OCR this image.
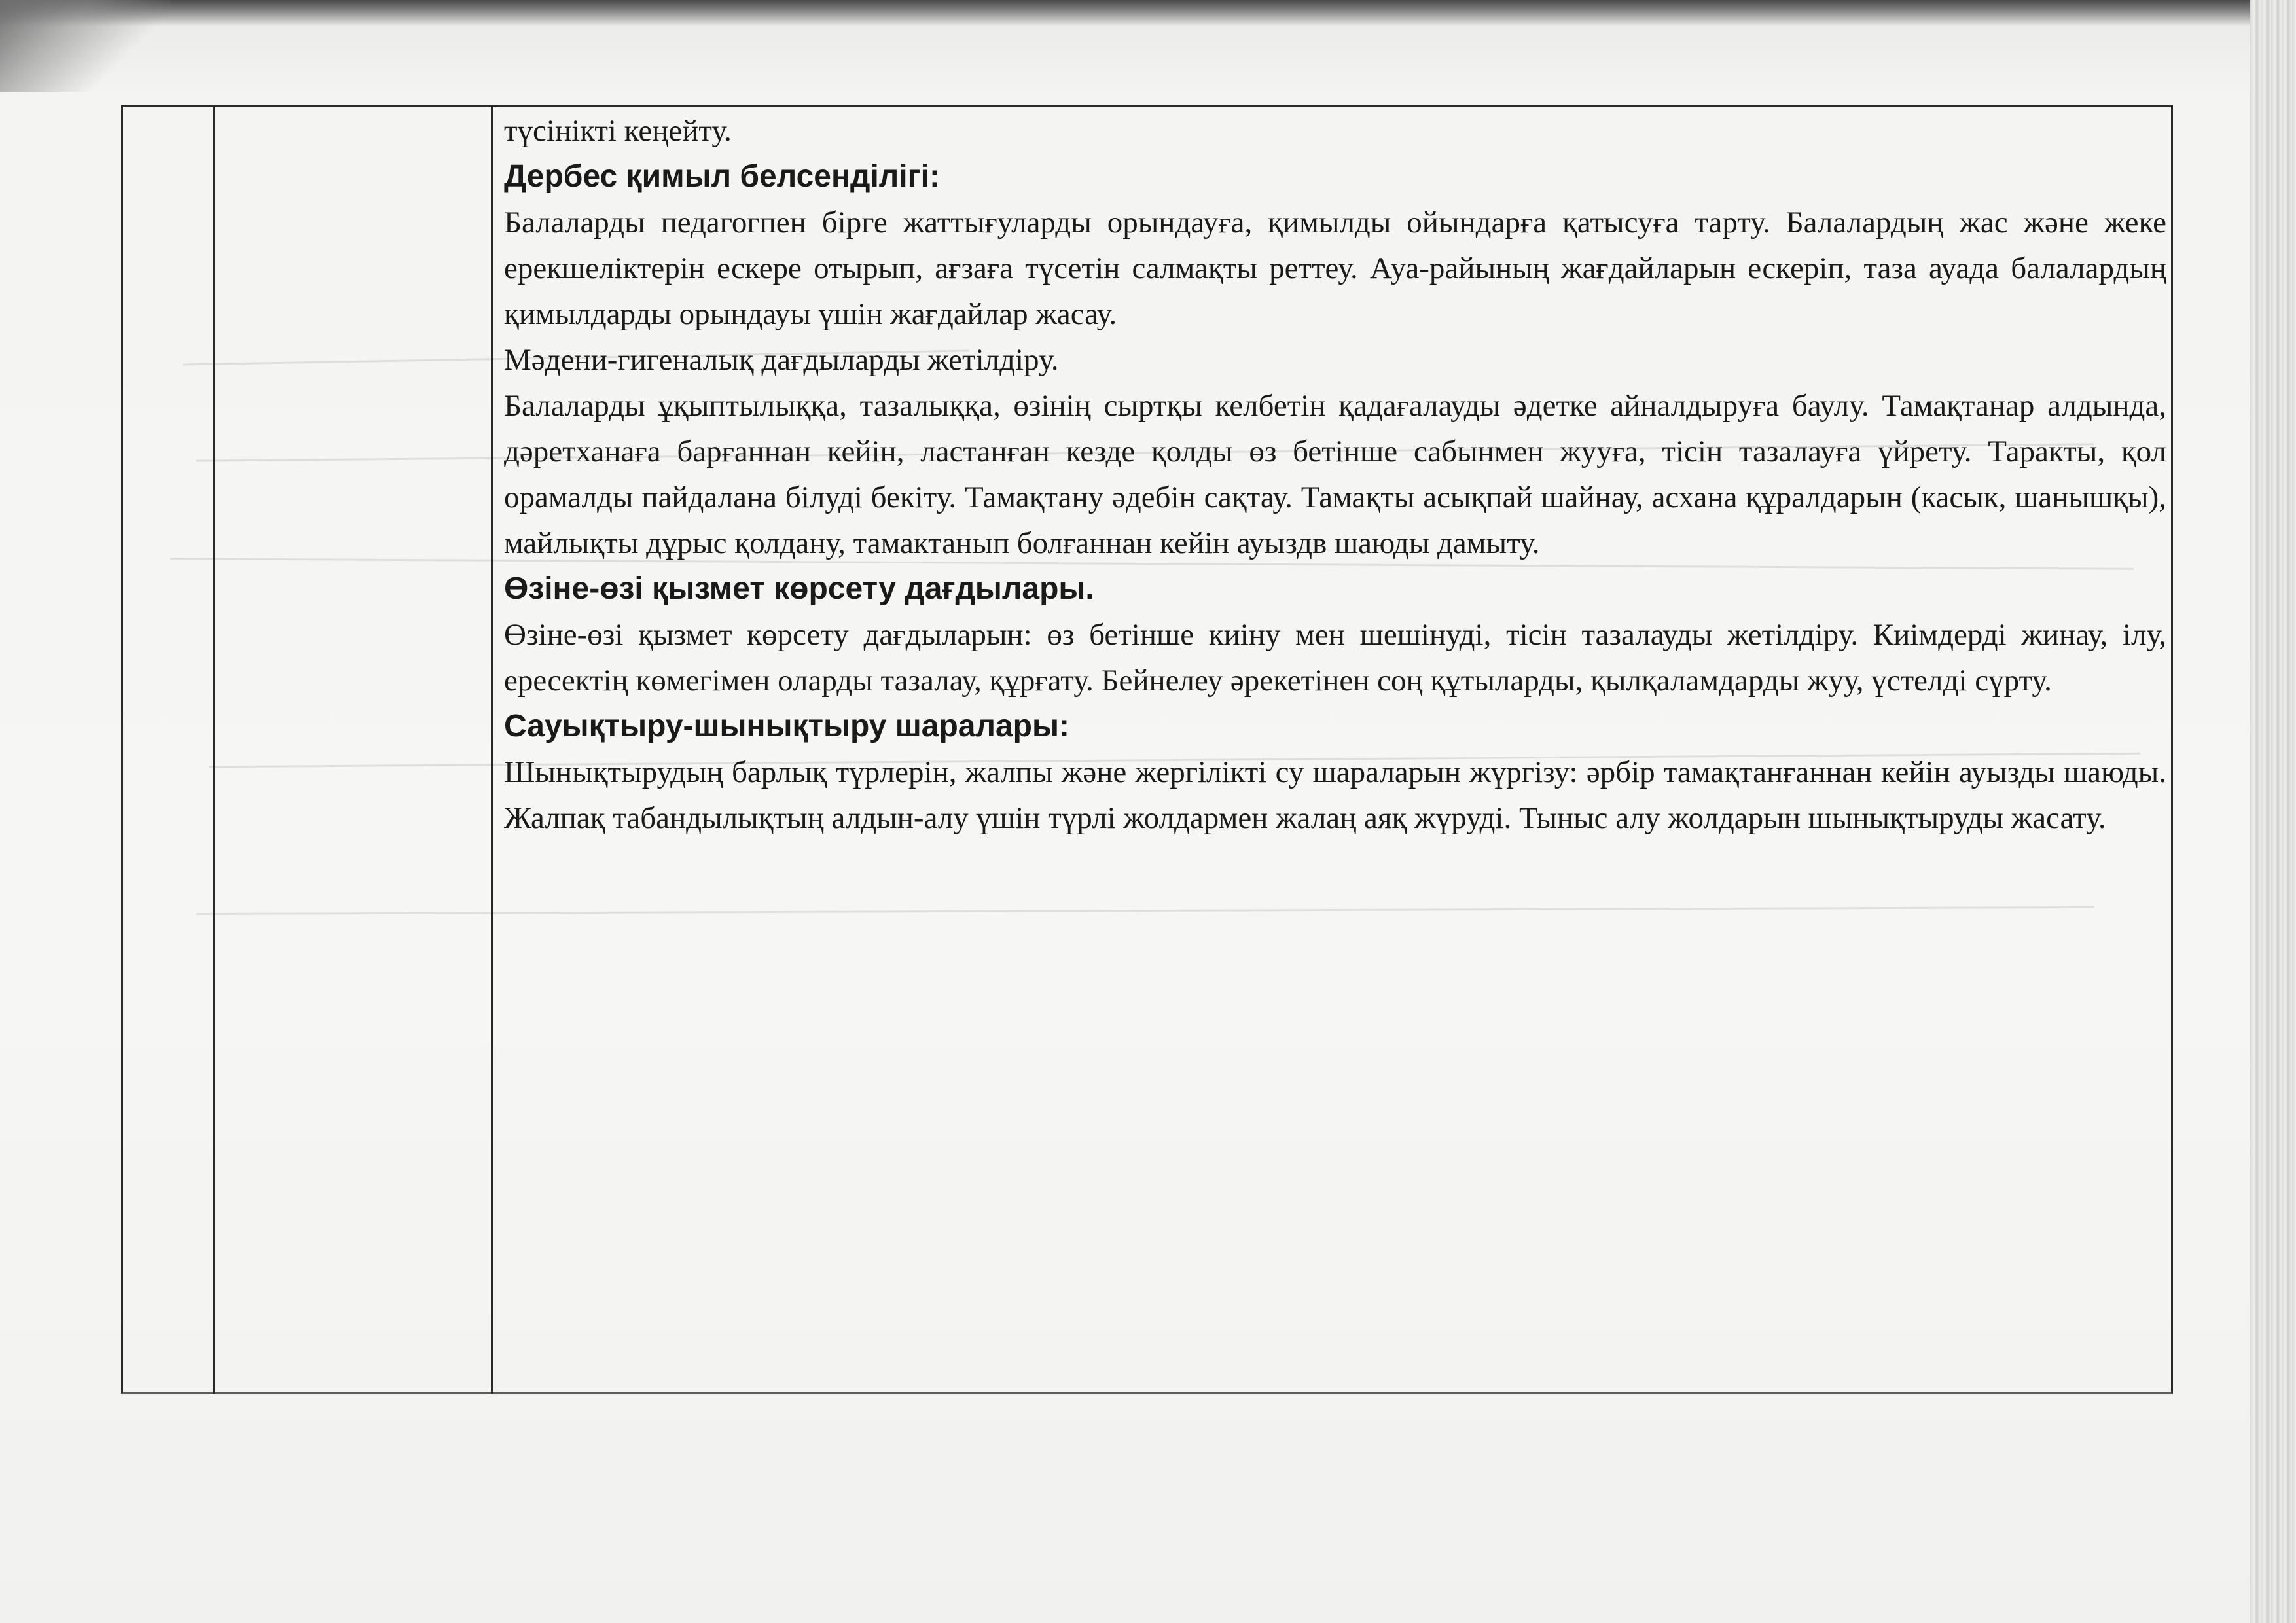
түсінікті кеңейту.

Дербес қимыл белсенділігі:

Балаларды педагогпен бірге жаттығуларды орындауға, қимылды ойындарға қатысуға тарту. Балалардың жас және жеке ерекшеліктерін ескере отырып, ағзаға түсетін салмақты реттеу. Ауа-райының жағдайларын ескеріп, таза ауада балалардың қимылдарды орындауы үшін жағдайлар жасау.

Мәдени-гигеналық дағдыларды жетілдіру.

Балаларды ұқыптылыққа, тазалыққа, өзінің сыртқы келбетін қадағалауды әдетке айналдыруға баулу. Тамақтанар алдында, дәретханаға барғаннан кейін, ластанған кезде қолды өз бетінше сабынмен жууға, тісін тазалауға үйрету. Таракты, қол орамалды пайдалана білуді бекіту. Тамақтану әдебін сақтау. Тамақты асықпай шайнау, асхана құралдарын (касык, шанышқы), майлықты дұрыс қолдану, тамактанып болғаннан кейін ауыздв шаюды дамыту.

Өзіне-өзі қызмет көрсету дағдылары.

Өзіне-өзі қызмет көрсету дағдыларын: өз бетінше киіну мен шешінуді, тісін тазалауды жетілдіру. Киімдерді жинау, ілу, ересектің көмегімен оларды тазалау, құрғату. Бейнелеу әрекетінен соң құтыларды, қылқаламдарды жуу, үстелді сүрту.

Сауықтыру-шынықтыру шаралары:

Шынықтырудың барлық түрлерін, жалпы және жергілікті су шараларын жүргізу: әрбір тамақтанғаннан кейін ауызды шаюды. Жалпақ табандылықтың алдын-алу үшін түрлі жолдармен жалаң аяқ жүруді. Тыныс алу жолдарын шынықтыруды жасату.
